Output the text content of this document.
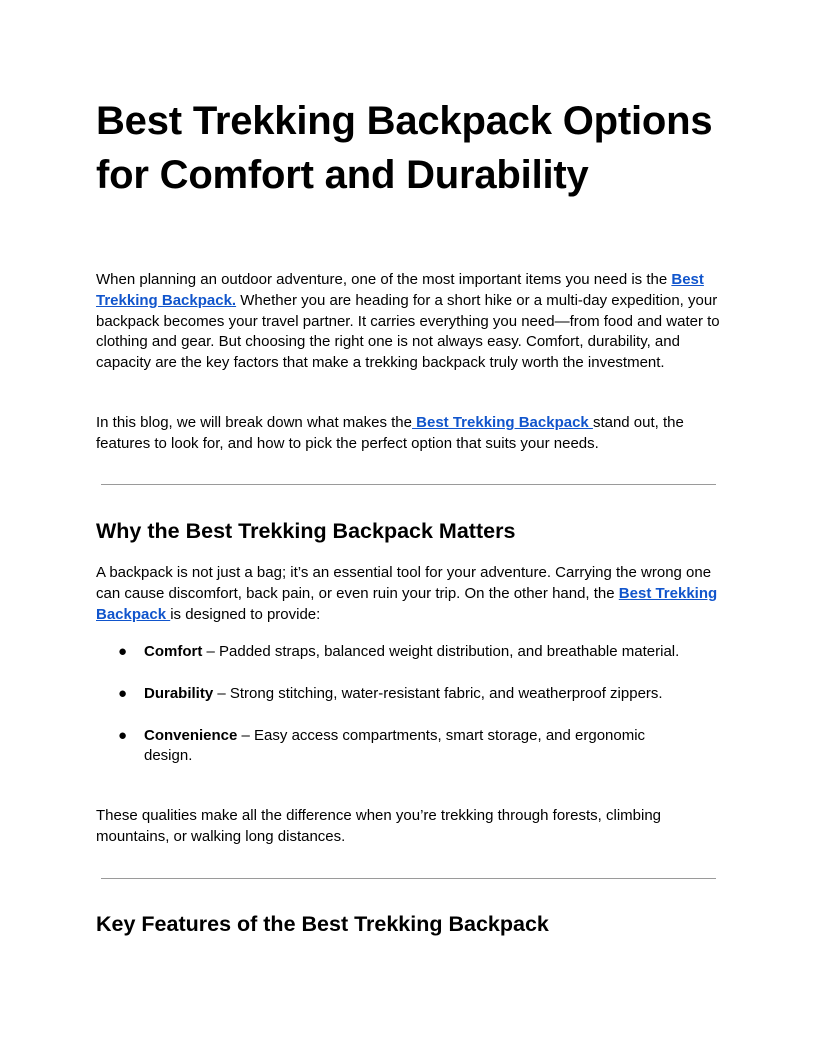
Best Trekking Backpack Options for Comfort and Durability

When planning an outdoor adventure, one of the most important items you need is the Best Trekking Backpack. Whether you are heading for a short hike or a multi-day expedition, your backpack becomes your travel partner. It carries everything you need—from food and water to clothing and gear. But choosing the right one is not always easy. Comfort, durability, and capacity are the key factors that make a trekking backpack truly worth the investment.

In this blog, we will break down what makes the Best Trekking Backpack stand out, the features to look for, and how to pick the perfect option that suits your needs.

Why the Best Trekking Backpack Matters

A backpack is not just a bag; it’s an essential tool for your adventure. Carrying the wrong one can cause discomfort, back pain, or even ruin your trip. On the other hand, the Best Trekking Backpack is designed to provide:

● Comfort – Padded straps, balanced weight distribution, and breathable material.
● Durability – Strong stitching, water-resistant fabric, and weatherproof zippers.
● Convenience – Easy access compartments, smart storage, and ergonomic design.

These qualities make all the difference when you’re trekking through forests, climbing mountains, or walking long distances.

Key Features of the Best Trekking Backpack
